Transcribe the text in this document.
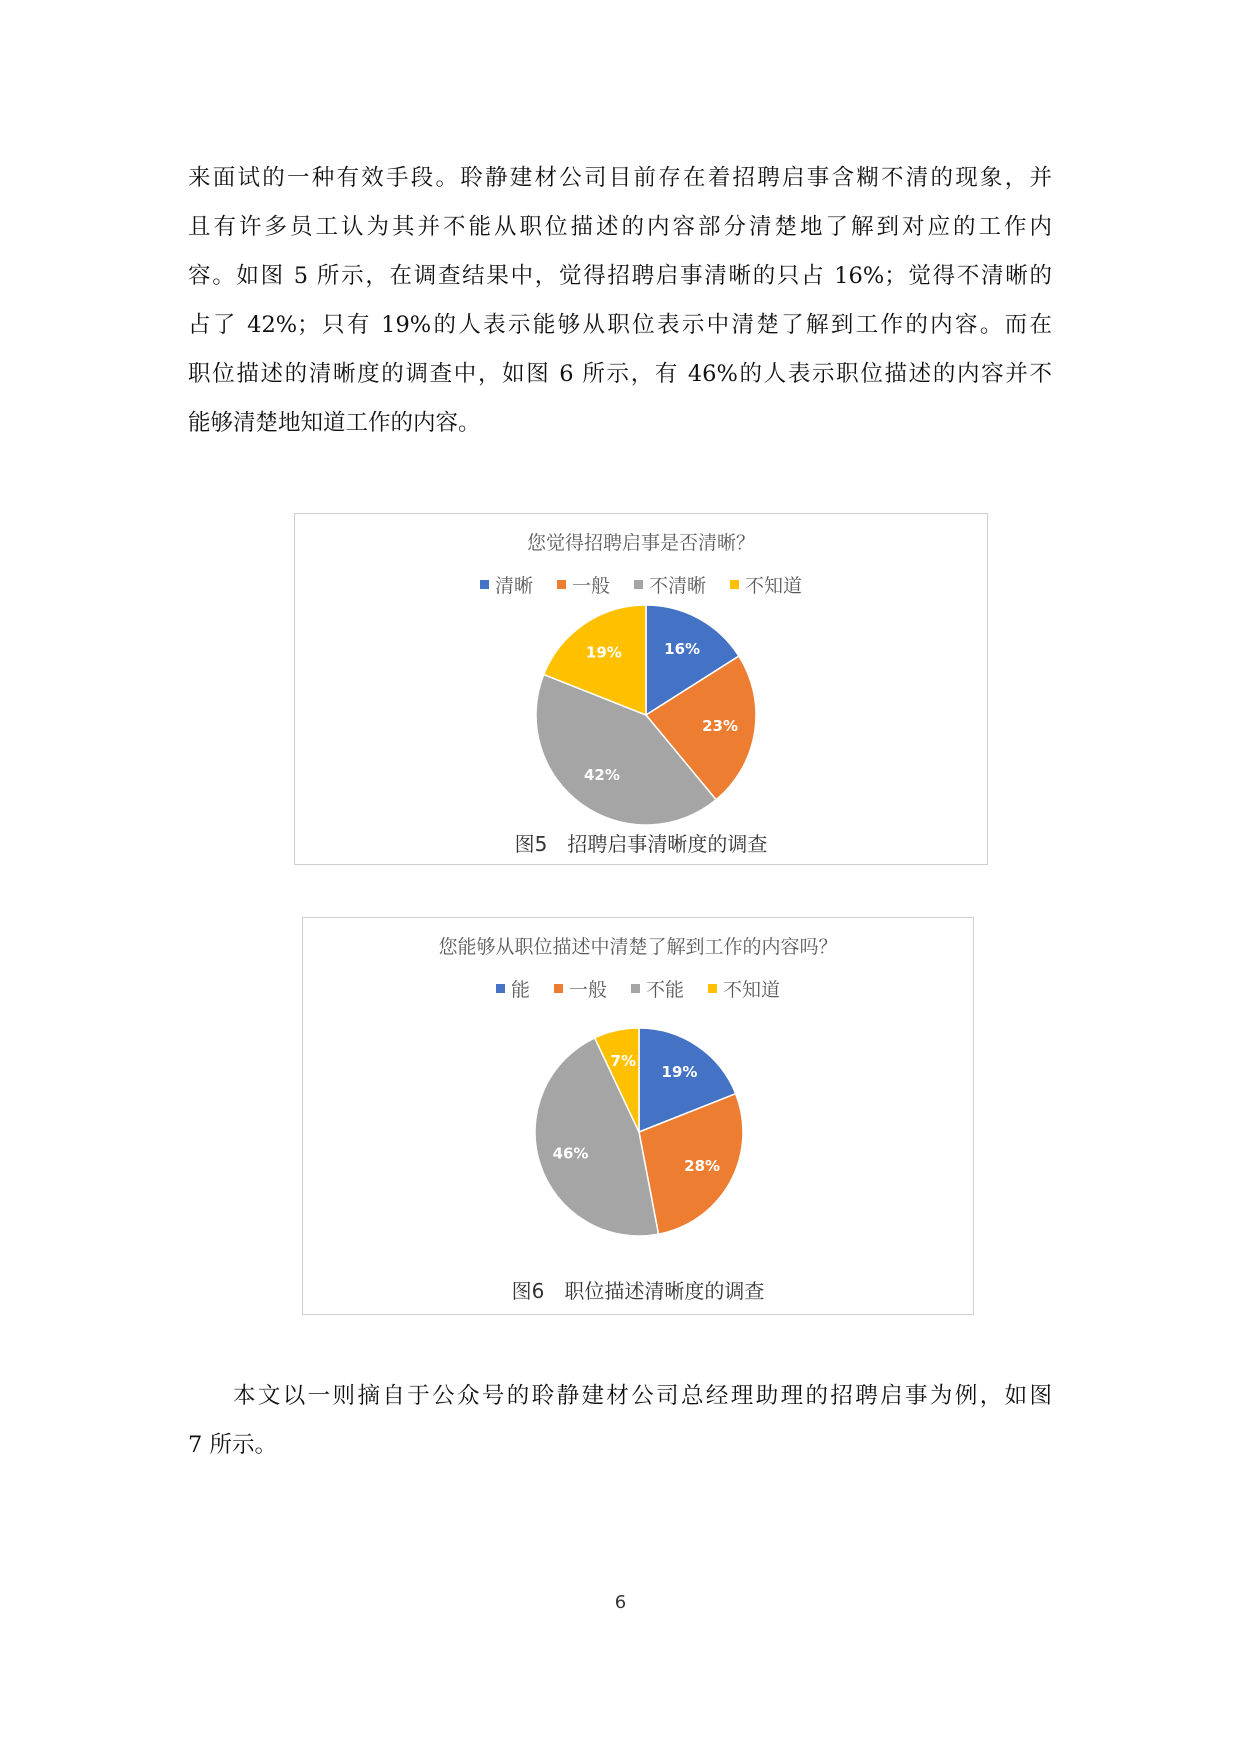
来面试的一种有效手段。聆静建材公司目前存在着招聘启事含糊不清的现象，并
且有许多员工认为其并不能从职位描述的内容部分清楚地了解到对应的工作内
容。如图 5 所示，在调查结果中，觉得招聘启事清晰的只占 16%；觉得不清晰的
占了 42%；只有 19%的人表示能够从职位表示中清楚了解到工作的内容。而在
职位描述的清晰度的调查中，如图 6 所示，有 46%的人表示职位描述的内容并不
能够清楚地知道工作的内容。
您觉得招聘启事是否清晰？
清晰 一般 不清晰 不知道
16%
23%
42%
19%
图5　招聘启事清晰度的调查
您能够从职位描述中清楚了解到工作的内容吗？
能 一般 不能 不知道
19%
28%
46%
7%
图6　职位描述清晰度的调查
本文以一则摘自于公众号的聆静建材公司总经理助理的招聘启事为例，如图
7 所示。
6
